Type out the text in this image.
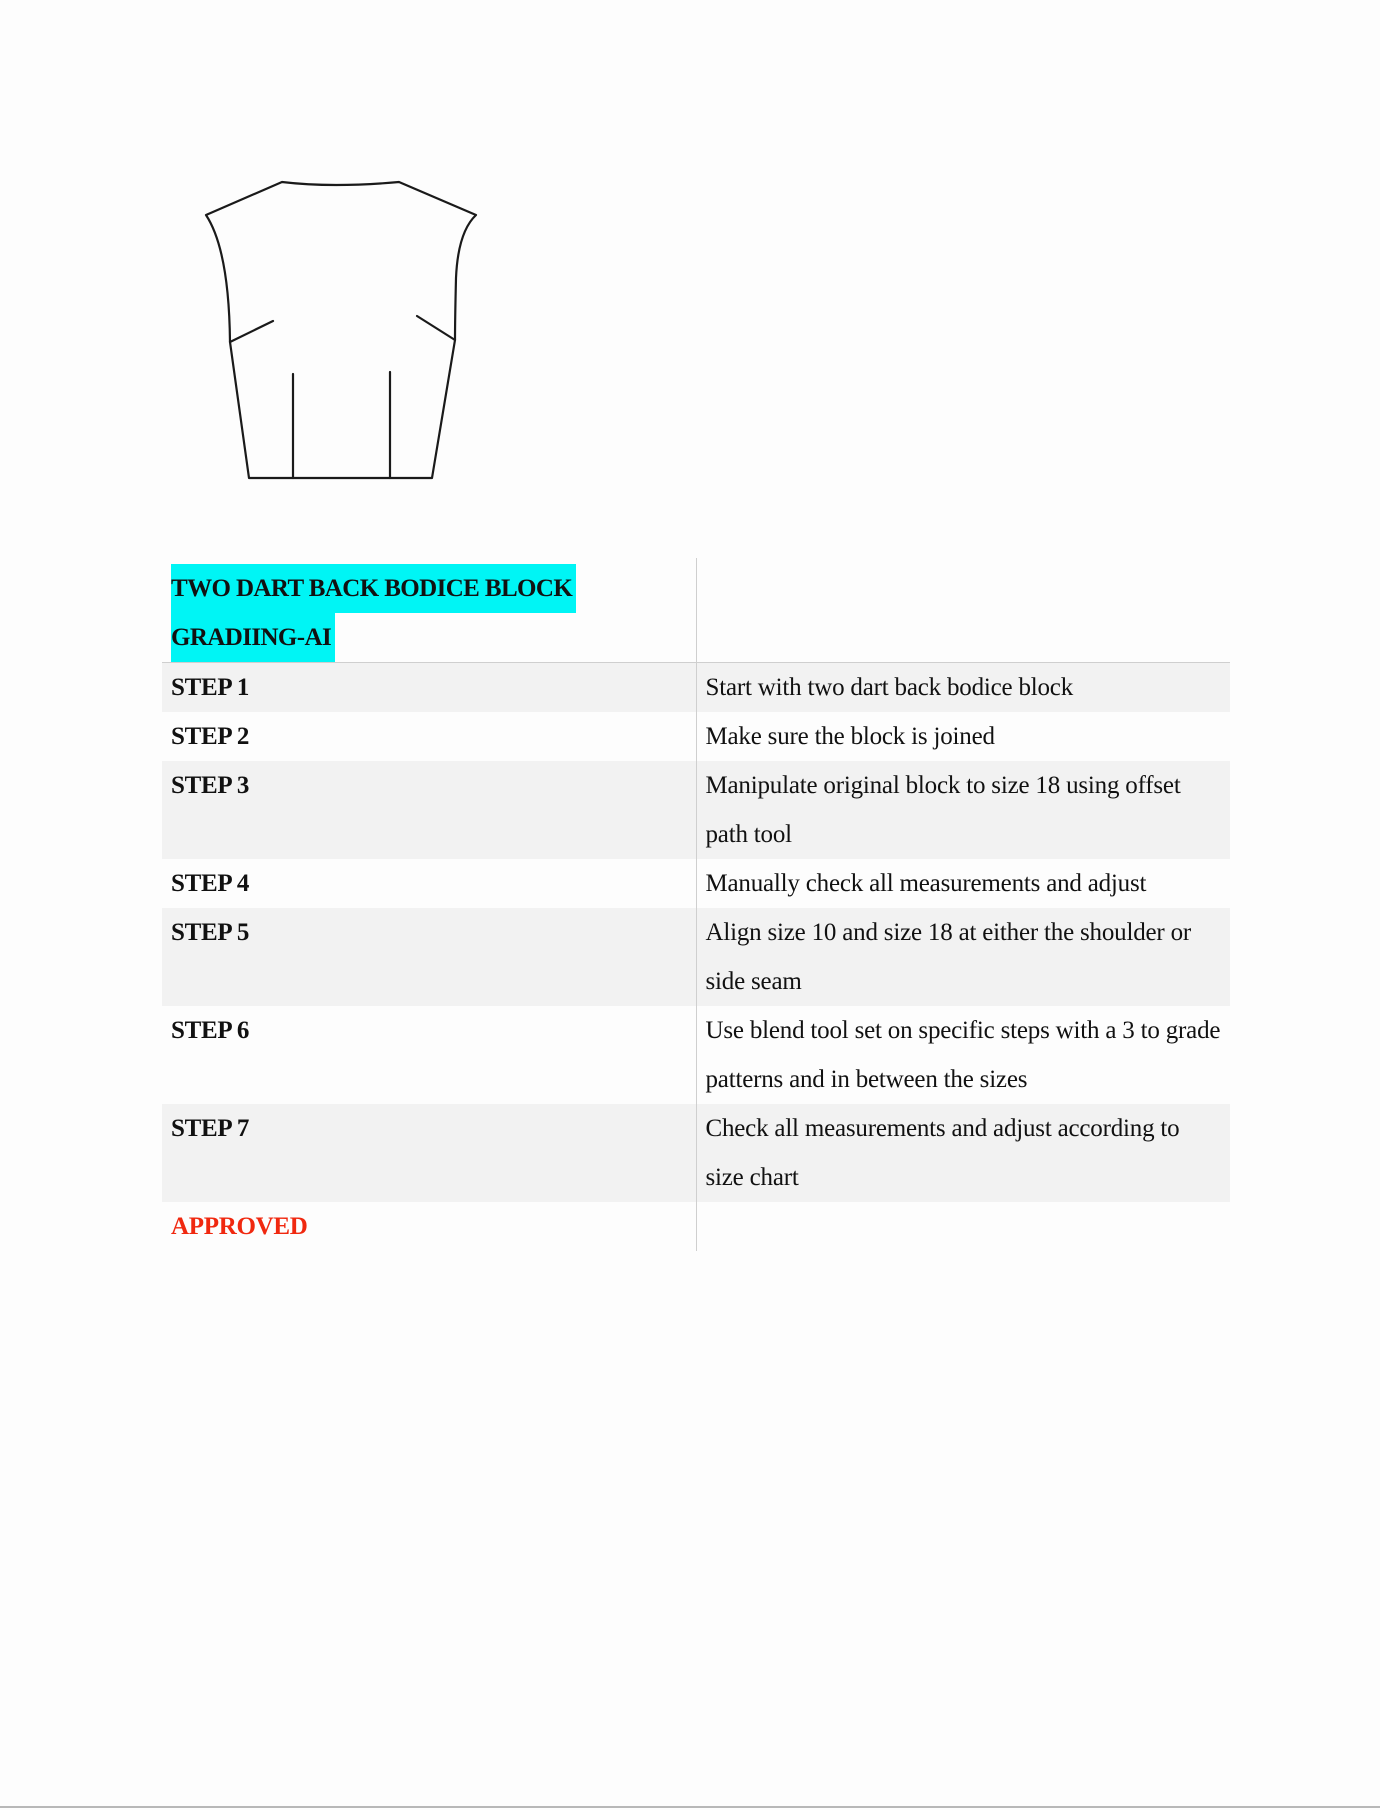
TWO DART BACK BODICE BLOCK
GRADIING-AI	
STEP 1	Start with two dart back bodice block
STEP 2	Make sure the block is joined
STEP 3	Manipulate original block to size 18 using offset path tool
STEP 4	Manually check all measurements and adjust
STEP 5	Align size 10 and size 18 at either the shoulder or side seam
STEP 6	Use blend tool set on specific steps with a 3 to grade patterns and in between the sizes
STEP 7	Check all measurements and adjust according to size chart
APPROVED	
